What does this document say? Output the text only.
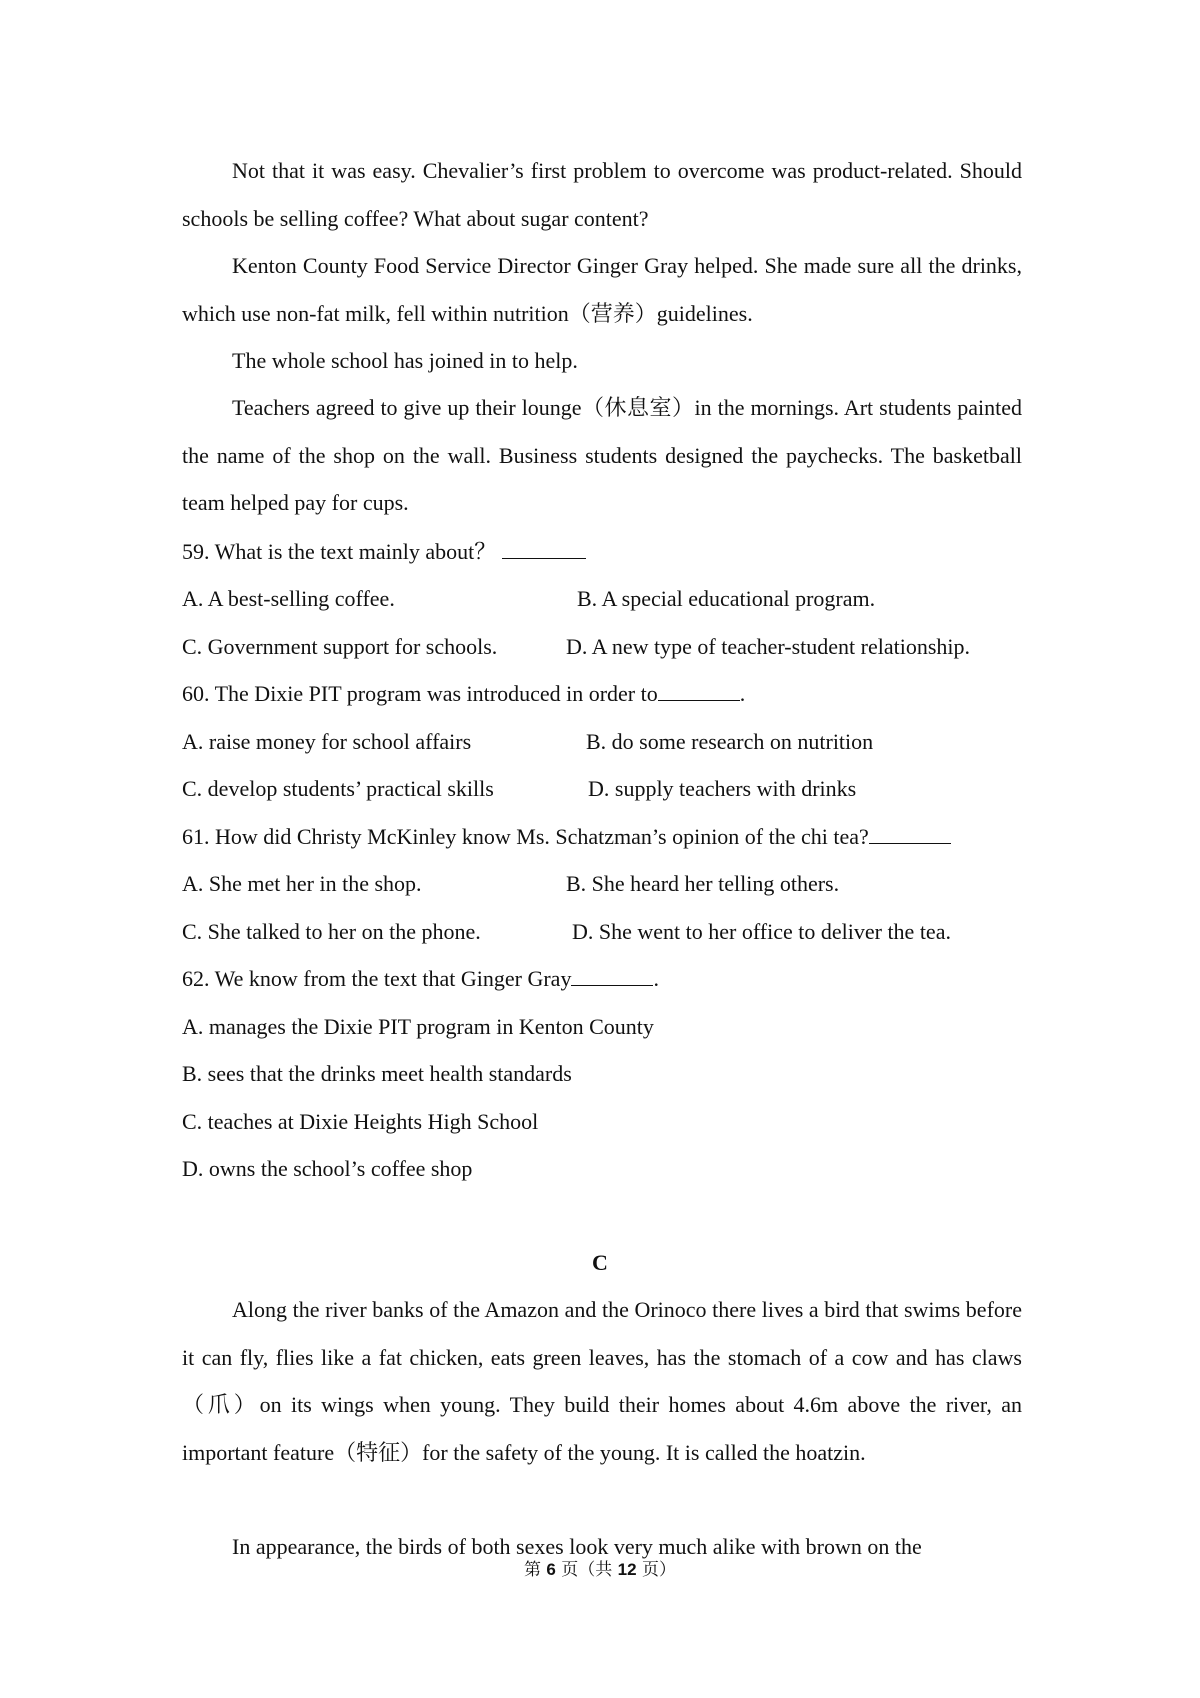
Not that it was easy. Chevalier’s first problem to overcome was product-related. Should schools be selling coffee? What about sugar content?

Kenton County Food Service Director Ginger Gray helped. She made sure all the drinks, which use non-fat milk, fell within nutrition（营养）guidelines.

The whole school has joined in to help.

Teachers agreed to give up their lounge（休息室）in the mornings. Art students painted the name of the shop on the wall. Business students designed the paychecks. The basketball team helped pay for cups.

59. What is the text mainly about？
A. A best-selling coffee.	B. A special educational program.
C. Government support for schools.	D. A new type of teacher-student relationship.
60. The Dixie PIT program was introduced in order to	.
A. raise money for school affairs	B. do some research on nutrition
C. develop students’ practical skills	D. supply teachers with drinks
61. How did Christy McKinley know Ms. Schatzman’s opinion of the chi tea?
A. She met her in the shop.	B. She heard her telling others.
C. She talked to her on the phone.	D. She went to her office to deliver the tea.
62. We know from the text that Ginger Gray	.
A. manages the Dixie PIT program in Kenton County
B. sees that the drinks meet health standards
C. teaches at Dixie Heights High School
D. owns the school’s coffee shop
C

Along the river banks of the Amazon and the Orinoco there lives a bird that swims before it can fly, flies like a fat chicken, eats green leaves, has the stomach of a cow and has claws（爪）on its wings when young. They build their homes about 4.6m above the river, an important feature（特征）for the safety of the young. It is called the hoatzin.

In appearance, the birds of both sexes look very much alike with brown on the

第 6 页（共 12 页）
